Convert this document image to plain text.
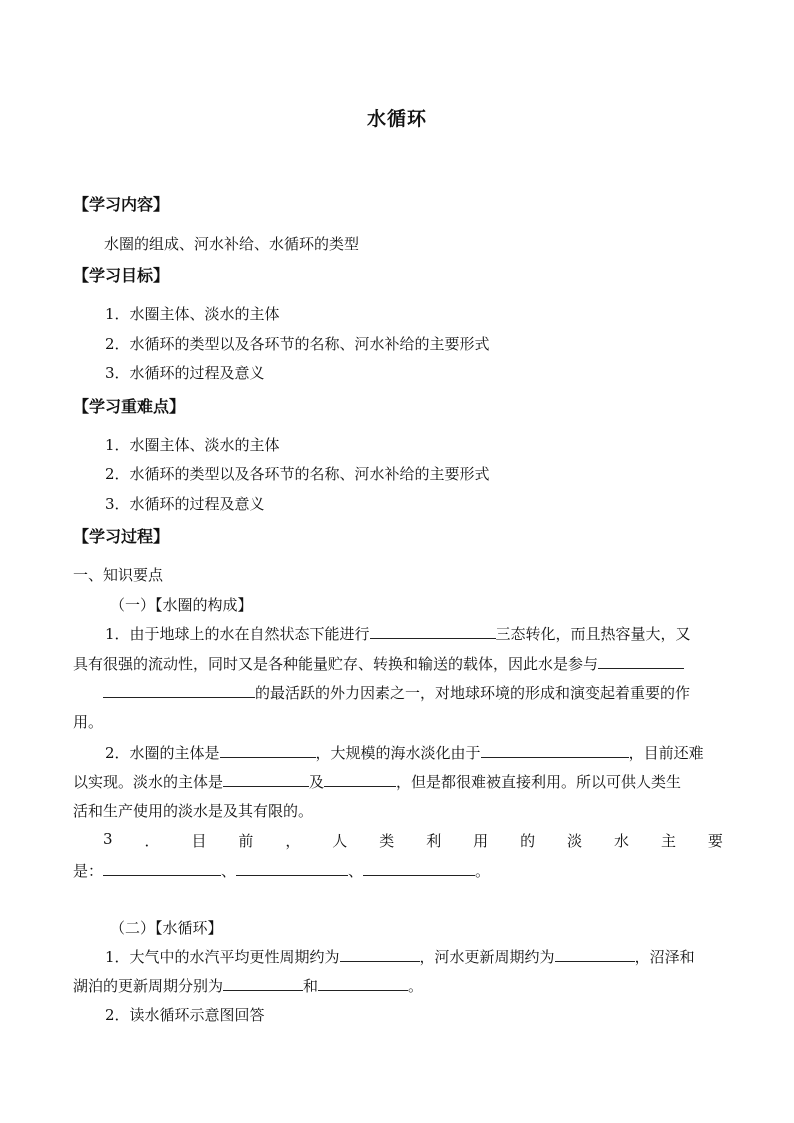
水循环
【学习内容】
水圈的组成、河水补给、水循环的类型
【学习目标】
1．水圈主体、淡水的主体
2．水循环的类型以及各环节的名称、河水补给的主要形式
3．水循环的过程及意义
【学习重难点】
1．水圈主体、淡水的主体
2．水循环的类型以及各环节的名称、河水补给的主要形式
3．水循环的过程及意义
【学习过程】
一、知识要点
（一）【水圈的构成】
1．由于地球上的水在自然状态下能进行	三态转化，而且热容量大，又
具有很强的流动性，同时又是各种能量贮存、转换和输送的载体，因此水是参与
的最活跃的外力因素之一，对地球环境的形成和演变起着重要的作
用。
2．水圈的主体是	，大规模的海水淡化由于	，目前还难
以实现。淡水的主体是	及	，但是都很难被直接利用。所以可供人类生
活和生产使用的淡水是及其有限的。
3 ． 目 前 ， 人 类 利 用 的 淡 水 主 要
是：	、	、	。
（二）【水循环】
1．大气中的水汽平均更性周期约为	，河水更新周期约为	，沼泽和
湖泊的更新周期分别为	和	。
2．读水循环示意图回答
